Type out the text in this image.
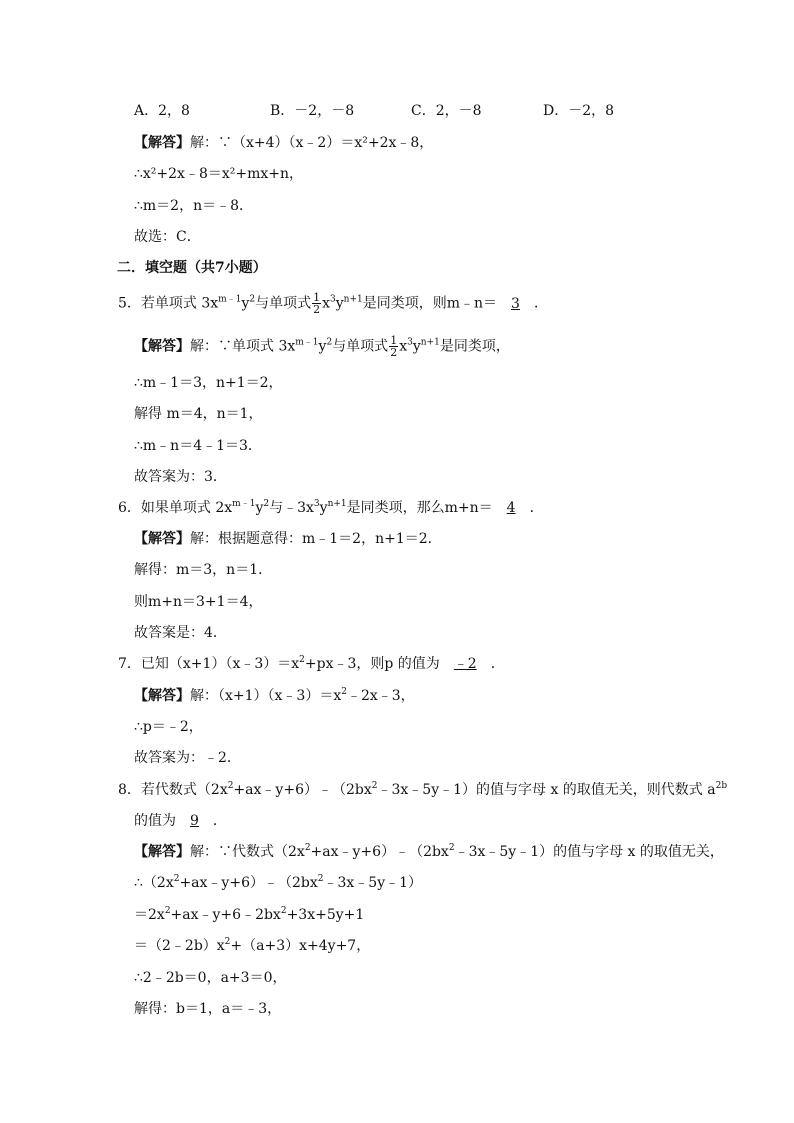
A．2，8	B．－2，－8	C．2，－8	D．－2，8
【解答】解：∵（x+4）（x﹣2）＝x²+2x﹣8，
∴x²+2x﹣8＝x²+mx+n，
∴m＝2，n＝﹣8．
故选：C．
二．填空题（共7小题）
5．若单项式 $3x^{m﹣1}y^2$与单项式 $\frac{1}{2} x^3y^{n+1}$是同类项，则m﹣n＝ 3 ．
【解答】解：∵单项式 $3x^{m﹣1}y^2$与单项式 $\frac{1}{2} x^3y^{n+1}$是同类项，
∴m﹣1＝3，n+1＝2，
解得 m＝4，n＝1，
∴m﹣n＝4﹣1＝3．
故答案为：3．
6．如果单项式 $2x^{m﹣1}y^2$与$﹣3x^3y^{n+1}$是同类项，那么m+n＝ 4 ．
【解答】解：根据题意得：m﹣1＝2，n+1＝2．
解得：m＝3，n＝1．
则m+n＝3+1＝4，
故答案是：4．
7．已知$(x+1)(x﹣3)=x^2+px﹣3$，则p 的值为 ﹣2 ．
【解答】解：$(x+1)(x﹣3)=x^2﹣2x﹣3$，
∴p＝﹣2，
故答案为：﹣2．
8．若代数式$(2x^2+ax﹣y+6)﹣(2bx^2﹣3x﹣5y﹣1)$的值与字母 x 的取值无关，则代数式 $a^{2b}$
的值为 9 ．
【解答】解：∵代数式$(2x^2+ax﹣y+6)﹣(2bx^2﹣3x﹣5y﹣1)$的值与字母 x 的取值无关，
$\therefore(2x^2+ax﹣y+6)﹣(2bx^2﹣3x﹣5y﹣1)$
$=2x^2+ax﹣y+6﹣2bx^2+3x+5y+1$
$=(2﹣2b)x^2+(a+3)x+4y+7$，
∴2﹣2b＝0，a+3＝0，
解得：b＝1，a＝﹣3，
